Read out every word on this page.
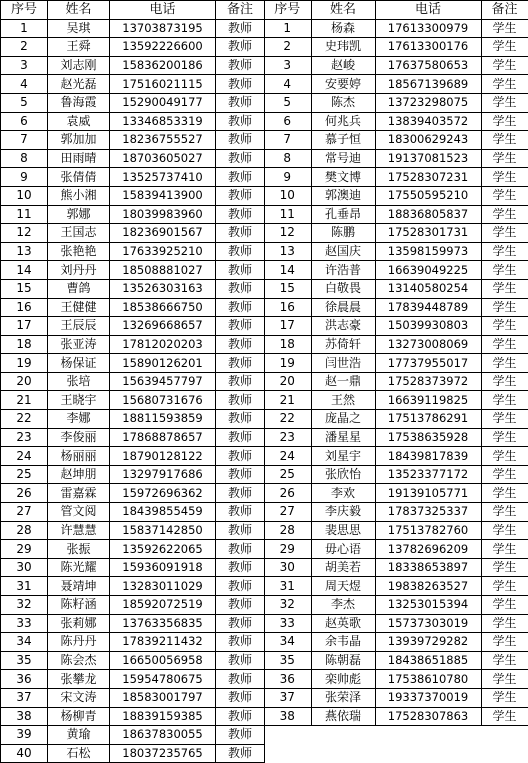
序号	姓名	电话	备注
1	吴琪	13703873195	教师
2	王舜	13592226600	教师
3	刘志刚	15836200186	教师
4	赵光磊	17516021115	教师
5	鲁海霞	15290049177	教师
6	袁威	13346853319	教师
7	郭加加	18236755527	教师
8	田雨晴	18703605027	教师
9	张倩倩	13525737410	教师
10	熊小湘	15839413900	教师
11	郭娜	18039983960	教师
12	王国志	18236901567	教师
13	张艳艳	17633925210	教师
14	刘丹丹	18508881027	教师
15	曹鸽	13526303163	教师
16	王健健	18538666750	教师
17	王辰辰	13269668657	教师
18	张亚涛	17812020203	教师
19	杨保证	15890126201	教师
20	张培	15639457797	教师
21	王晓宇	15680731676	教师
22	李娜	18811593859	教师
23	李俊丽	17868878657	教师
24	杨丽丽	18790128122	教师
25	赵坤朋	13297917686	教师
26	雷嘉霖	15972696362	教师
27	管文阅	18439855459	教师
28	许慧慧	15837142850	教师
29	张振	13592622065	教师
30	陈光耀	15936091918	教师
31	聂靖坤	13283011029	教师
32	陈籽涵	18592072519	教师
33	张莉娜	13763356835	教师
34	陈丹丹	17839211432	教师
35	陈会杰	16650056958	教师
36	张攀龙	15954780675	教师
37	宋文涛	18583001797	教师
38	杨柳青	18839159385	教师
39	黄瑜	18637830055	教师
40	石松	18037235765	教师
序号	姓名	电话	备注
1	杨森	17613300979	学生
2	史玮凯	17613300176	学生
3	赵峻	17637580653	学生
4	安要婷	18567139689	学生
5	陈杰	13723298075	学生
6	何兆兵	13839403572	学生
7	慕子恒	18300629243	学生
8	常号迪	19137081523	学生
9	樊文博	17528307231	学生
10	郭澳迪	17550595210	学生
11	孔垂昂	18836805837	学生
12	陈鹏	17528301731	学生
13	赵国庆	13598159973	学生
14	许浩普	16639049225	学生
15	白敬畏	13140580254	学生
16	徐晨晨	17839448789	学生
17	洪志豪	15039930803	学生
18	苏倚轩	13273008069	学生
19	闫世浩	17737955017	学生
20	赵一鼎	17528373972	学生
21	王然	16639119825	学生
22	庞晶之	17513786291	学生
23	潘星星	17538635928	学生
24	刘星宇	18439817839	学生
25	张欣怡	13523377172	学生
26	李欢	19139105771	学生
27	李庆毅	17837325337	学生
28	裴思思	17513782760	学生
29	毋心语	13782696209	学生
30	胡美若	18338653897	学生
31	周天煜	19838263527	学生
32	李杰	13253015394	学生
33	赵英歌	15737303019	学生
34	余韦晶	13939729282	学生
35	陈朝磊	18438651885	学生
36	栾帅彪	17538610780	学生
37	张荣泽	19337370019	学生
38	燕依瑞	17528307863	学生
